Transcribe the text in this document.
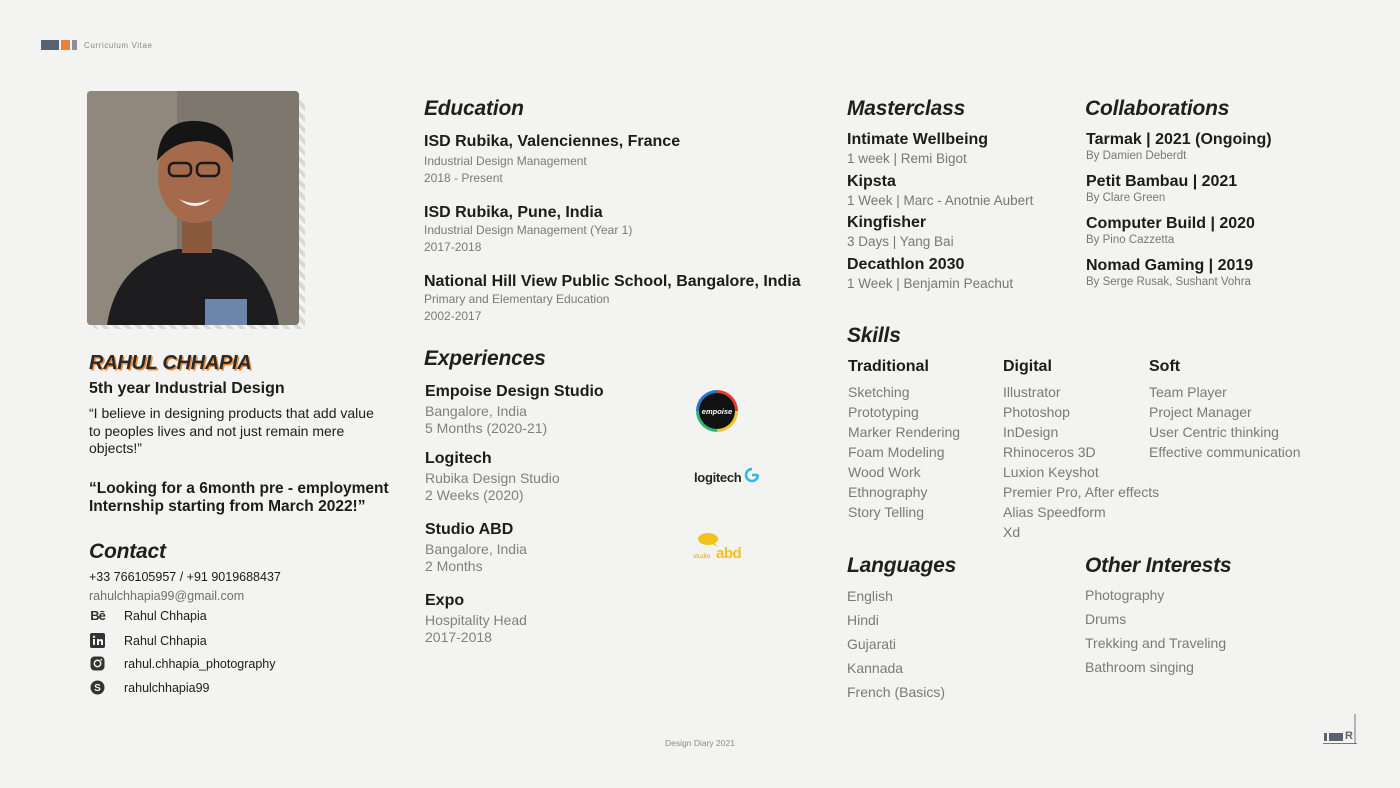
Curriculum Vitae
RAHUL CHHAPIA
5th year Industrial Design
“I believe in designing products that add value to peoples lives and not just remain mere objects!”
“Looking for a 6month pre - employment Internship starting from March 2022!”
Contact
+33 766105957 / +91 9019688437
rahulchhapia99@gmail.com
Bē Rahul Chhapia
Rahul Chhapia
rahul.chhapia_photography
S rahulchhapia99
Education
ISD Rubika, Valenciennes, France
Industrial Design Management
2018 - Present
ISD Rubika, Pune, India
Industrial Design Management (Year 1)
2017-2018
National Hill View Public School, Bangalore, India
Primary and Elementary Education
2002-2017
Experiences
Empoise Design Studio
Bangalore, India
5 Months (2020-21)
Logitech
Rubika Design Studio
2 Weeks (2020)
Studio ABD
Bangalore, India
2 Months
Expo
Hospitality Head
2017-2018
empoise
logitech
studio abd
Masterclass
Intimate Wellbeing
1 week | Remi Bigot
Kipsta
1 Week | Marc - Anotnie Aubert
Kingfisher
3 Days | Yang Bai
Decathlon 2030
1 Week | Benjamin Peachut
Collaborations
Tarmak | 2021 (Ongoing)
By Damien Deberdt
Petit Bambau | 2021
By Clare Green
Computer Build | 2020
By Pino Cazzetta
Nomad Gaming | 2019
By Serge Rusak, Sushant Vohra
Skills
Traditional
Sketching
Prototyping
Marker Rendering
Foam Modeling
Wood Work
Ethnography
Story Telling
Digital
Illustrator
Photoshop
InDesign
Rhinoceros 3D
Luxion Keyshot
Premier Pro, After effects
Alias Speedform
Xd
Soft
Team Player
Project Manager
User Centric thinking
Effective communication
Languages
English
Hindi
Gujarati
Kannada
French (Basics)
Other Interests
Photography
Drums
Trekking and Traveling
Bathroom singing
Design Diary 2021
R
